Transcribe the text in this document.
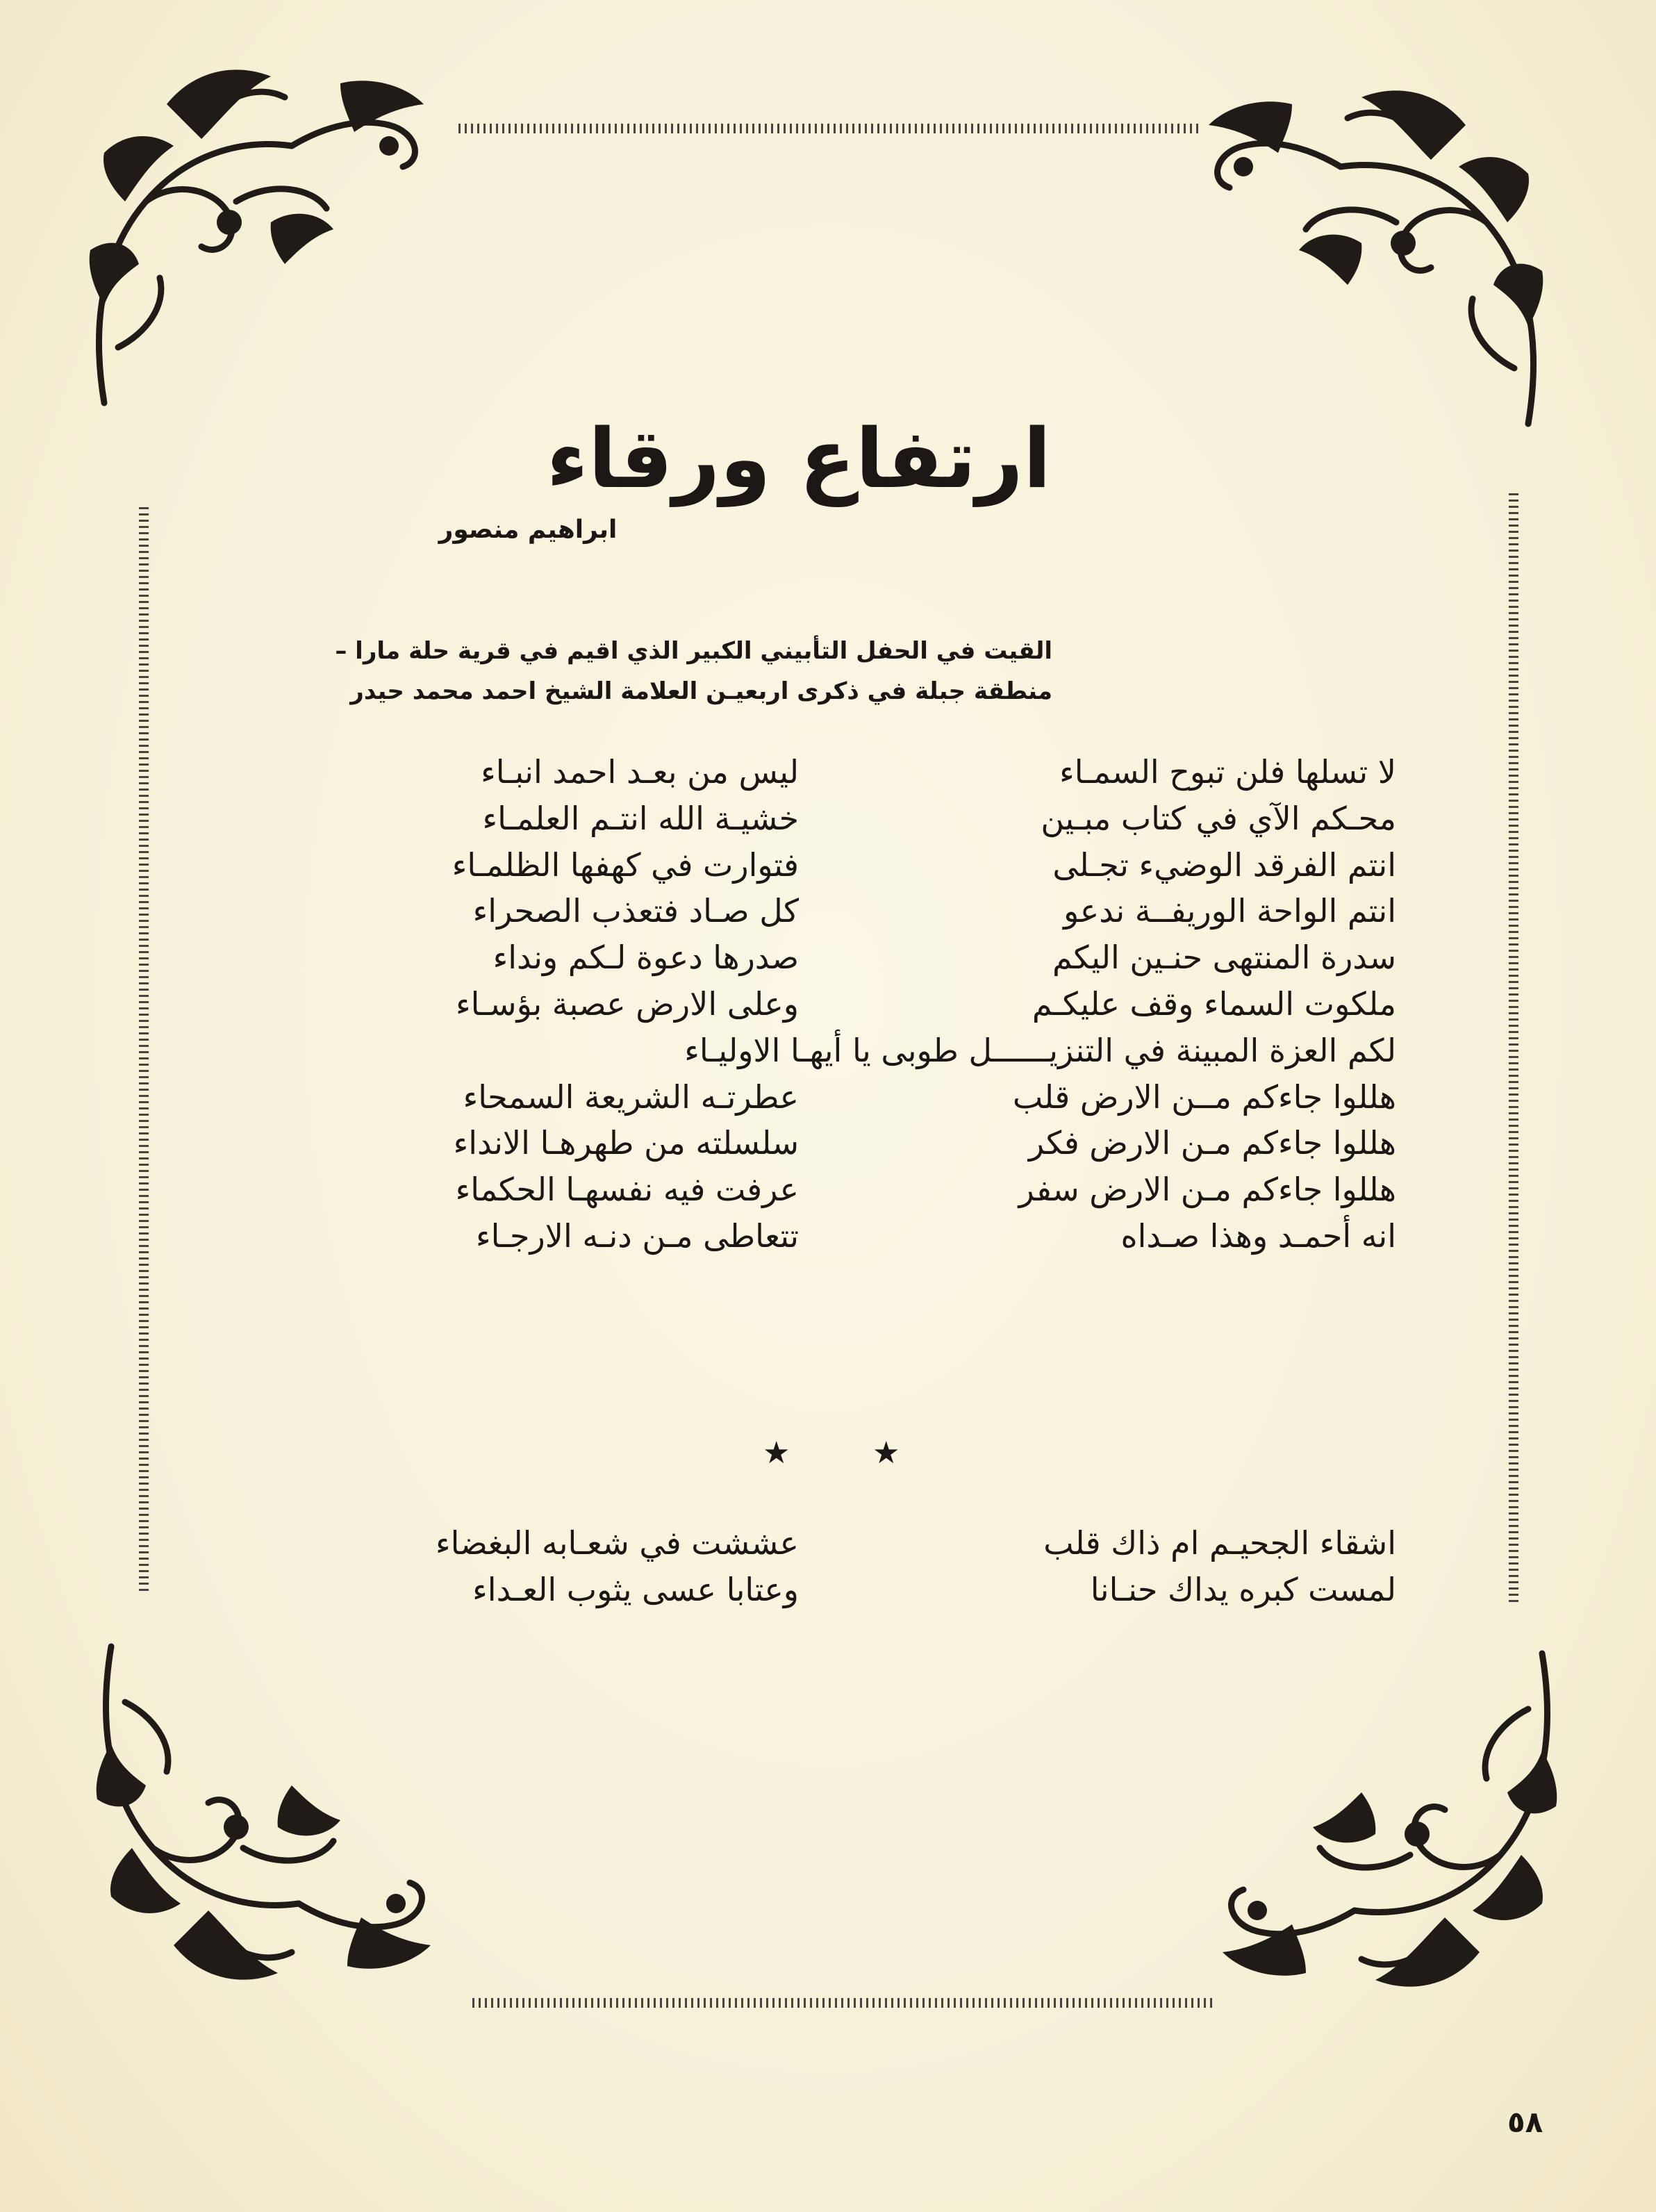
ارتفاع ورقاء
ابراهيم منصور
القيت في الحفل التأبيني الكبير الذي اقيم في قرية حلة مارا –
منطقة جبلة في ذكرى اربعيـن العلامة الشيخ احمد محمد حيدر
لا تسلها فلن تبوح السمـاء
محـكم الآي في كتاب مبـين
انتم الفرقد الوضيء تجـلى
انتم الواحة الوريفــة ندعو
سدرة المنتهى حنـين اليكم
ملكوت السماء وقف عليكـم
لكم العزة المبينة في التنزيــــــل طوبى يا أيهـا الاوليـاء
هللوا جاءكم مــن الارض قلب
هللوا جاءكم مـن الارض فكر
هللوا جاءكم مـن الارض سفر
انه أحمـد وهذا صـداه
ليس من بعـد احمد انبـاء
خشيـة الله انتـم العلمـاء
فتوارت في كهفها الظلمـاء
كل صـاد فتعذب الصحراء
صدرها دعوة لـكم ونداء
وعلى الارض عصبة بؤسـاء
عطرتـه الشريعة السمحاء
سلسلته من طهرهـا الانداء
عرفت فيه نفسهـا الحكماء
تتعاطى مـن دنـه الارجـاء
★
★
اشقاء الجحيـم ام ذاك قلب
لمست كبره يداك حنـانا
عششت في شعـابه البغضاء
وعتابا عسى يثوب العـداء
٥٨
